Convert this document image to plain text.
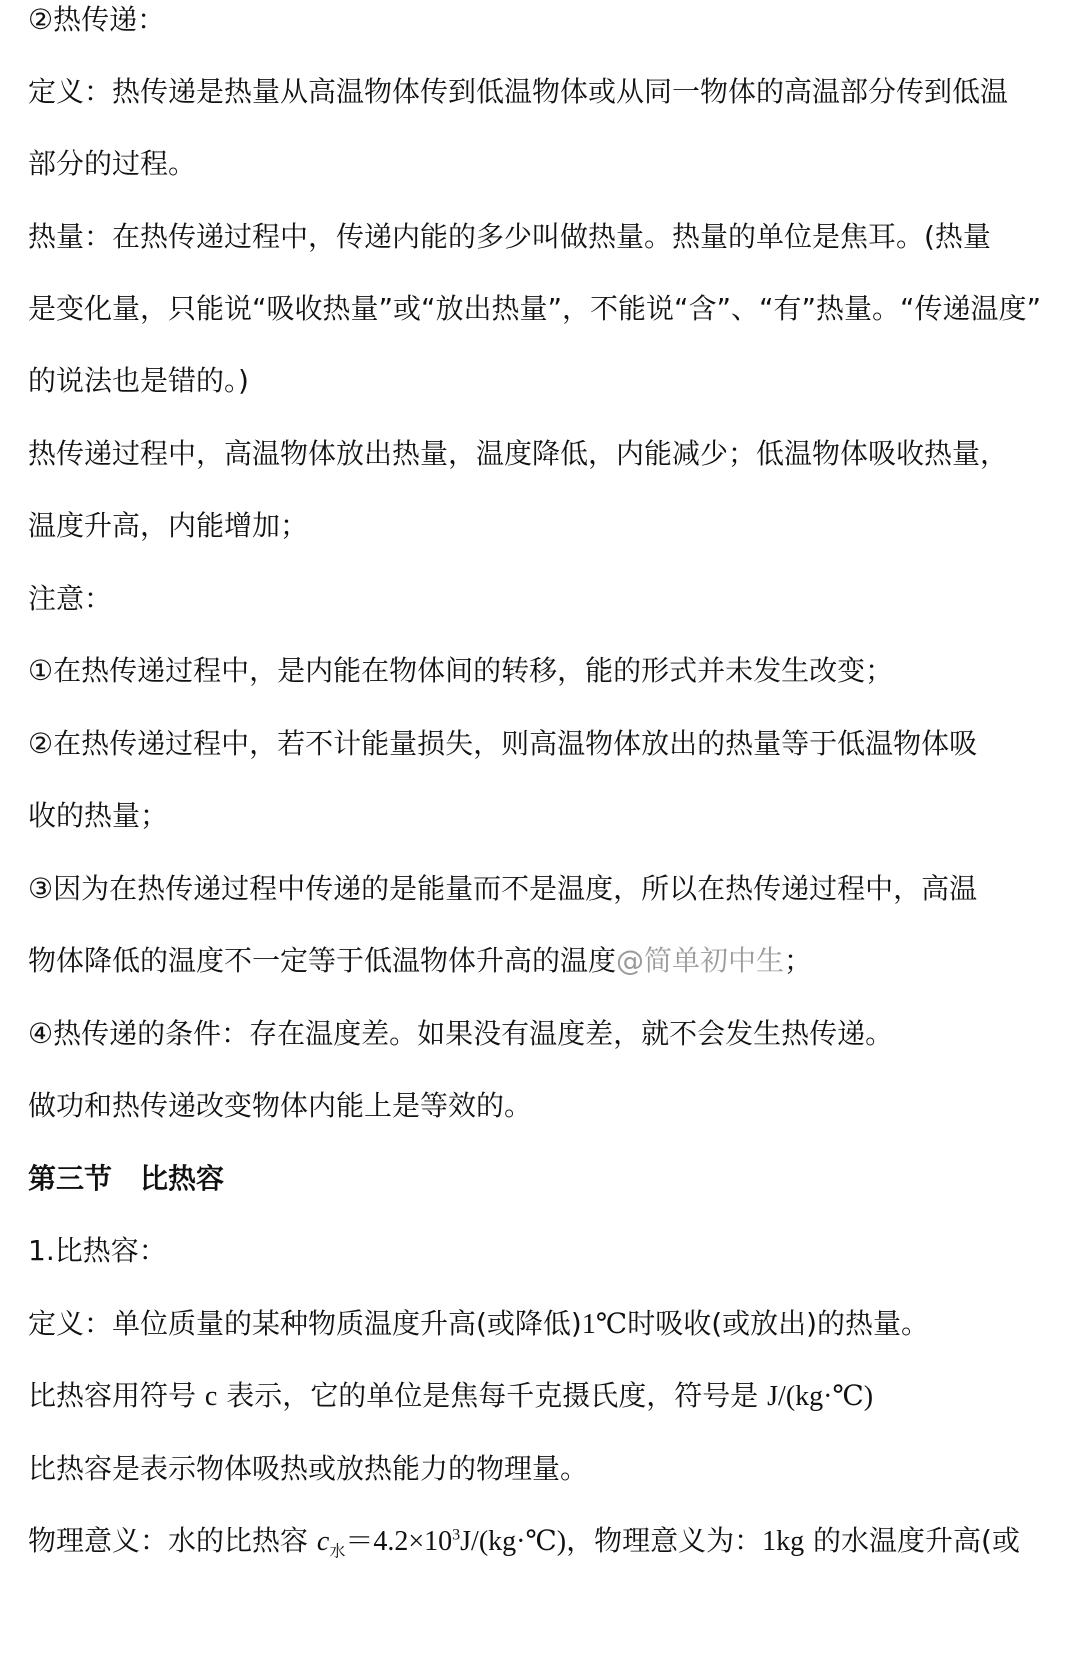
②热传递：
定义：热传递是热量从高温物体传到低温物体或从同一物体的高温部分传到低温
部分的过程。
热量：在热传递过程中，传递内能的多少叫做热量。热量的单位是焦耳。(热量
是变化量，只能说“吸收热量”或“放出热量”，不能说“含”、“有”热量。“传递温度”
的说法也是错的。)
热传递过程中，高温物体放出热量，温度降低，内能减少；低温物体吸收热量，
温度升高，内能增加；
注意：
①在热传递过程中，是内能在物体间的转移，能的形式并未发生改变；
②在热传递过程中，若不计能量损失，则高温物体放出的热量等于低温物体吸
收的热量；
③因为在热传递过程中传递的是能量而不是温度，所以在热传递过程中，高温
物体降低的温度不一定等于低温物体升高的温度@简单初中生；
④热传递的条件：存在温度差。如果没有温度差，就不会发生热传递。
做功和热传递改变物体内能上是等效的。
第三节　比热容
1.比热容：
定义：单位质量的某种物质温度升高(或降低)1℃时吸收(或放出)的热量。
比热容用符号 c 表示，它的单位是焦每千克摄氏度，符号是 J/(kg·℃)
比热容是表示物体吸热或放热能力的物理量。
物理意义：水的比热容 $c_水=4.2\times 10^3J/(kg\cdot℃)$，物理意义为：1kg 的水温度升高(或
